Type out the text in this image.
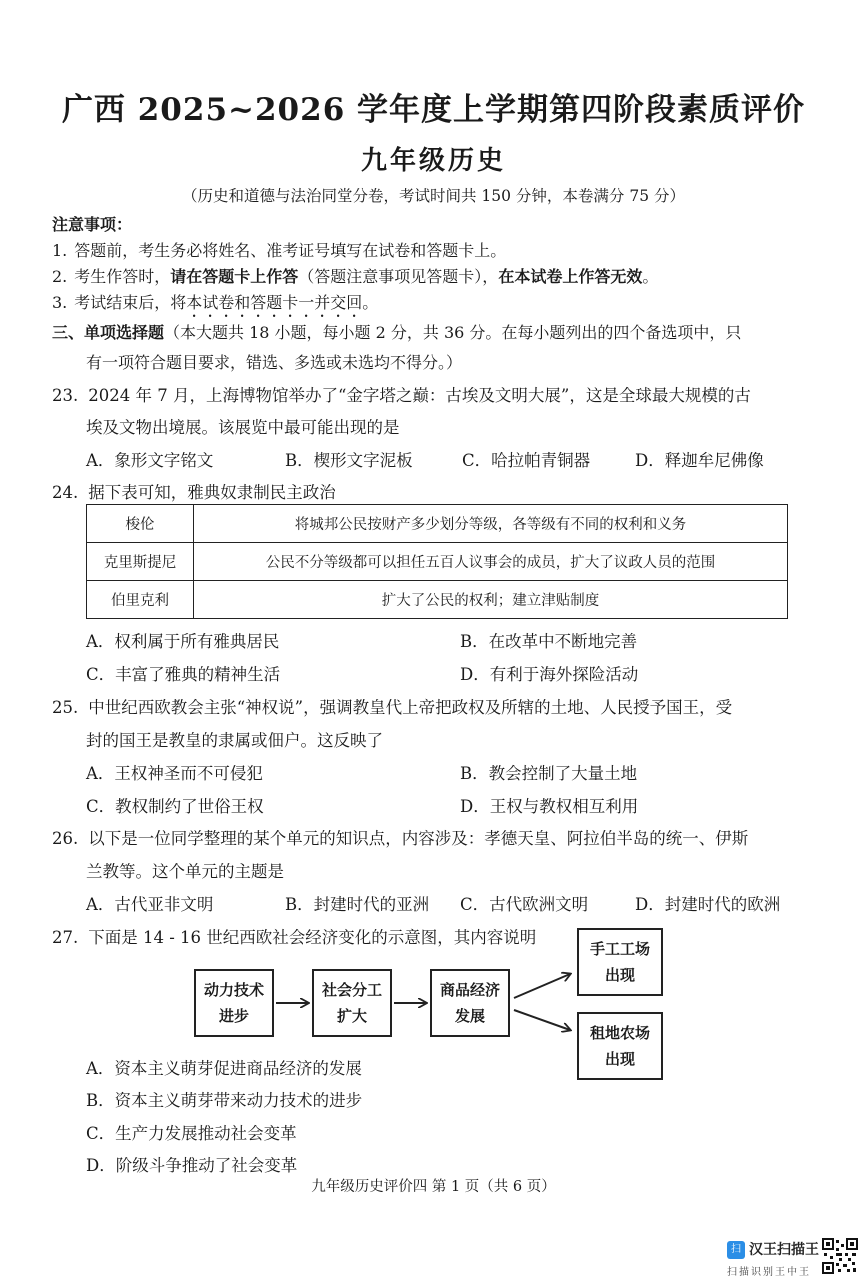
广西 2025~2026 学年度上学期第四阶段素质评价
九年级历史
（历史和道德与法治同堂分卷，考试时间共 150 分钟，本卷满分 75 分）
注意事项：
1. 答题前，考生务必将姓名、准考证号填写在试卷和答题卡上。
2. 考生作答时，请在答题卡上作答（答题注意事项见答题卡），在本试卷上作答无效。
3. 考试结束后，将本试卷和答题卡一并交回。
三、单项选择题（本大题共 18 小题，每小题 2 分，共 36 分。在每小题列出的四个备选项中，只
有一项符合题目要求，错选、多选或未选均不得分。）
23. 2024 年 7 月，上海博物馆举办了“金字塔之巅：古埃及文明大展”，这是全球最大规模的古
埃及文物出境展。该展览中最可能出现的是
A．象形文字铭文	B．楔形文字泥板	C．哈拉帕青铜器	D．释迦牟尼佛像
24. 据下表可知，雅典奴隶制民主政治
梭伦	将城邦公民按财产多少划分等级，各等级有不同的权利和义务
克里斯提尼	公民不分等级都可以担任五百人议事会的成员，扩大了议政人员的范围
伯里克利	扩大了公民的权利；建立津贴制度
A．权利属于所有雅典居民	B．在改革中不断地完善
C．丰富了雅典的精神生活	D．有利于海外探险活动
25. 中世纪西欧教会主张“神权说”，强调教皇代上帝把政权及所辖的土地、人民授予国王，受
封的国王是教皇的隶属或佃户。这反映了
A．王权神圣而不可侵犯	B．教会控制了大量土地
C．教权制约了世俗王权	D．王权与教权相互利用
26. 以下是一位同学整理的某个单元的知识点，内容涉及：孝德天皇、阿拉伯半岛的统一、伊斯
兰教等。这个单元的主题是
A．古代亚非文明	B．封建时代的亚洲 C．古代欧洲文明	D．封建时代的欧洲
27. 下面是 14 - 16 世纪西欧社会经济变化的示意图，其内容说明
动力技术进步
社会分工扩大
商品经济发展
手工工场出现
租地农场出现
A．资本主义萌芽促进商品经济的发展
B．资本主义萌芽带来动力技术的进步
C．生产力发展推动社会变革
D．阶级斗争推动了社会变革
九年级历史评价四 第 1 页（共 6 页）
扫 汉王扫描王
扫描识别王中王
